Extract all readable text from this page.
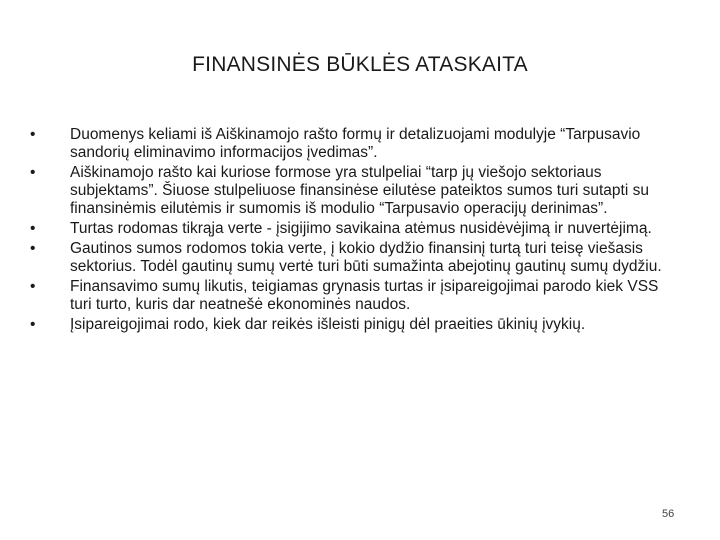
FINANSINĖS BŪKLĖS ATASKAITA
• Duomenys keliami iš Aiškinamojo rašto formų ir detalizuojami modulyje “Tarpusavio sandorių eliminavimo informacijos įvedimas”.
• Aiškinamojo rašto kai kuriose formose yra stulpeliai “tarp jų viešojo sektoriaus subjektams”. Šiuose stulpeliuose finansinėse eilutėse pateiktos sumos turi sutapti su finansinėmis eilutėmis ir sumomis iš modulio “Tarpusavio operacijų derinimas”.
• Turtas rodomas tikrąja verte - įsigijimo savikaina atėmus nusidėvėjimą ir nuvertėjimą.
• Gautinos sumos rodomos tokia verte, į kokio dydžio finansinį turtą turi teisę viešasis sektorius. Todėl gautinų sumų vertė turi būti sumažinta abejotinų gautinų sumų dydžiu.
• Finansavimo sumų likutis, teigiamas grynasis turtas ir įsipareigojimai parodo kiek VSS turi turto, kuris dar neatnešė ekonominės naudos.
• Įsipareigojimai rodo, kiek dar reikės išleisti pinigų dėl praeities ūkinių įvykių.
56
